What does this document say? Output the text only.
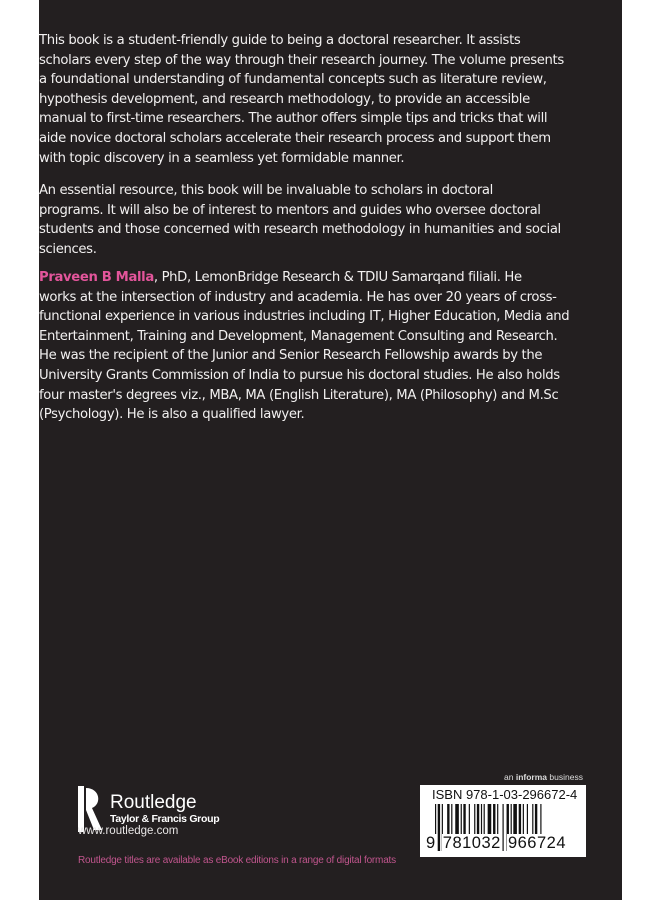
This book is a student-friendly guide to being a doctoral researcher. It assists
scholars every step of the way through their research journey. The volume presents
a foundational understanding of fundamental concepts such as literature review,
hypothesis development, and research methodology, to provide an accessible
manual to first-time researchers. The author offers simple tips and tricks that will
aide novice doctoral scholars accelerate their research process and support them
with topic discovery in a seamless yet formidable manner.
An essential resource, this book will be invaluable to scholars in doctoral
programs. It will also be of interest to mentors and guides who oversee doctoral
students and those concerned with research methodology in humanities and social
sciences.
Praveen B Malla, PhD, LemonBridge Research & TDIU Samarqand filiali. He
works at the intersection of industry and academia. He has over 20 years of cross-
functional experience in various industries including IT, Higher Education, Media and
Entertainment, Training and Development, Management Consulting and Research.
He was the recipient of the Junior and Senior Research Fellowship awards by the
University Grants Commission of India to pursue his doctoral studies. He also holds
four master's degrees viz., MBA, MA (English Literature), MA (Philosophy) and M.Sc
(Psychology). He is also a qualified lawyer.
Routledge
Taylor & Francis Group
www.routledge.com
Routledge titles are available as eBook editions in a range of digital formats
an informa business
ISBN 978-1-03-296672-4
9 781032 966724
